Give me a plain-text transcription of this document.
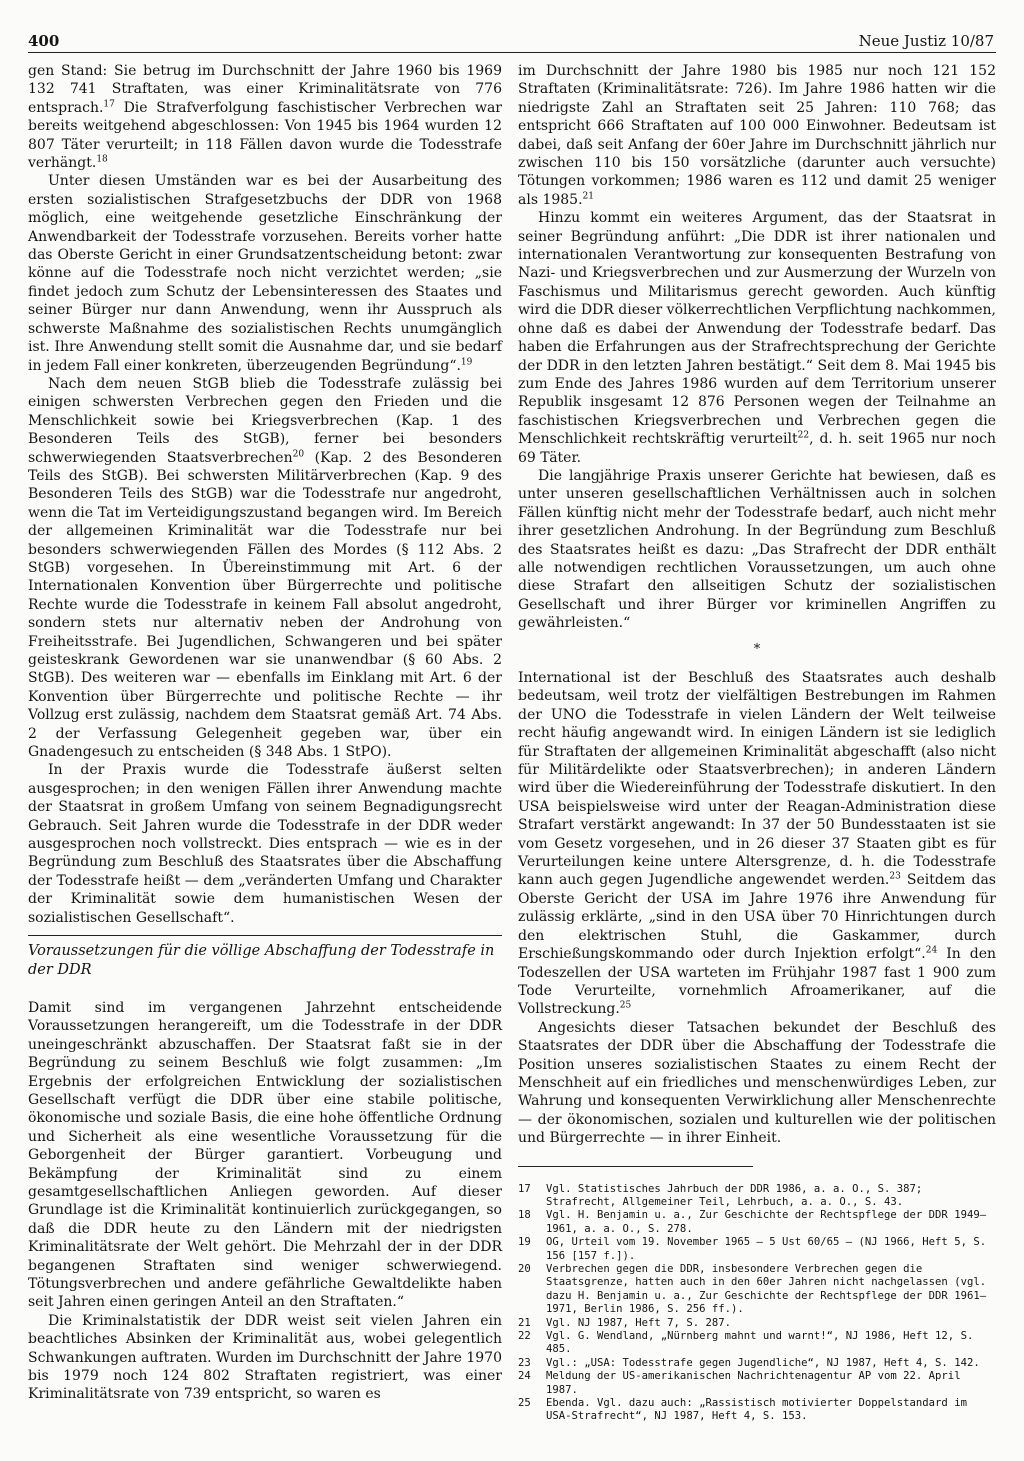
400	Neue Justiz 10/87

gen Stand: Sie betrug im Durchschnitt der Jahre 1960 bis 1969 132 741 Straftaten, was einer Kriminalitätsrate von 776 entsprach.$^{17}$ Die Strafverfolgung faschistischer Verbrechen war bereits weitgehend abgeschlossen: Von 1945 bis 1964 wurden 12 807 Täter verurteilt; in 118 Fällen davon wurde die Todesstrafe verhängt.$^{18}$

Unter diesen Umständen war es bei der Ausarbeitung des ersten sozialistischen Strafgesetzbuchs der DDR von 1968 möglich, eine weitgehende gesetzliche Einschränkung der Anwendbarkeit der Todesstrafe vorzusehen. Bereits vorher hatte das Oberste Gericht in einer Grundsatzentscheidung betont: zwar könne auf die Todesstrafe noch nicht verzichtet werden; „sie findet jedoch zum Schutz der Lebensinteressen des Staates und seiner Bürger nur dann Anwendung, wenn ihr Ausspruch als schwerste Maßnahme des sozialistischen Rechts unumgänglich ist. Ihre Anwendung stellt somit die Ausnahme dar, und sie bedarf in jedem Fall einer konkreten, überzeugenden Begründung“.$^{19}$

Nach dem neuen StGB blieb die Todesstrafe zulässig bei einigen schwersten Verbrechen gegen den Frieden und die Menschlichkeit sowie bei Kriegsverbrechen (Kap. 1 des Besonderen Teils des StGB), ferner bei besonders schwerwiegenden Staatsverbrechen$^{20}$ (Kap. 2 des Besonderen Teils des StGB). Bei schwersten Militärverbrechen (Kap. 9 des Besonderen Teils des StGB) war die Todesstrafe nur angedroht, wenn die Tat im Verteidigungszustand begangen wird. Im Bereich der allgemeinen Kriminalität war die Todesstrafe nur bei besonders schwerwiegenden Fällen des Mordes (§ 112 Abs. 2 StGB) vorgesehen. In Übereinstimmung mit Art. 6 der Internationalen Konvention über Bürgerrechte und politische Rechte wurde die Todesstrafe in keinem Fall absolut angedroht, sondern stets nur alternativ neben der Androhung von Freiheitsstrafe. Bei Jugendlichen, Schwangeren und bei später geisteskrank Gewordenen war sie unanwendbar (§ 60 Abs. 2 StGB). Des weiteren war — ebenfalls im Einklang mit Art. 6 der Konvention über Bürgerrechte und politische Rechte — ihr Vollzug erst zulässig, nachdem dem Staatsrat gemäß Art. 74 Abs. 2 der Verfassung Gelegenheit gegeben war, über ein Gnadengesuch zu entscheiden (§ 348 Abs. 1 StPO).

In der Praxis wurde die Todesstrafe äußerst selten ausgesprochen; in den wenigen Fällen ihrer Anwendung machte der Staatsrat in großem Umfang von seinem Begnadigungsrecht Gebrauch. Seit Jahren wurde die Todesstrafe in der DDR weder ausgesprochen noch vollstreckt. Dies entsprach — wie es in der Begründung zum Beschluß des Staatsrates über die Abschaffung der Todesstrafe heißt — dem „veränderten Umfang und Charakter der Kriminalität sowie dem humanistischen Wesen der sozialistischen Gesellschaft“.

Voraussetzungen für die völlige Abschaffung der Todesstrafe in der DDR

Damit sind im vergangenen Jahrzehnt entscheidende Voraussetzungen herangereift, um die Todesstrafe in der DDR uneingeschränkt abzuschaffen. Der Staatsrat faßt sie in der Begründung zu seinem Beschluß wie folgt zusammen: „Im Ergebnis der erfolgreichen Entwicklung der sozialistischen Gesellschaft verfügt die DDR über eine stabile politische, ökonomische und soziale Basis, die eine hohe öffentliche Ordnung und Sicherheit als eine wesentliche Voraussetzung für die Geborgenheit der Bürger garantiert. Vorbeugung und Bekämpfung der Kriminalität sind zu einem gesamtgesellschaftlichen Anliegen geworden. Auf dieser Grundlage ist die Kriminalität kontinuierlich zurückgegangen, so daß die DDR heute zu den Ländern mit der niedrigsten Kriminalitätsrate der Welt gehört. Die Mehrzahl der in der DDR begangenen Straftaten sind weniger schwerwiegend. Tötungsverbrechen und andere gefährliche Gewaltdelikte haben seit Jahren einen geringen Anteil an den Straftaten.“

Die Kriminalstatistik der DDR weist seit vielen Jahren ein beachtliches Absinken der Kriminalität aus, wobei gelegentlich Schwankungen auftraten. Wurden im Durchschnitt der Jahre 1970 bis 1979 noch 124 802 Straftaten registriert, was einer Kriminalitätsrate von 739 entspricht, so waren es

im Durchschnitt der Jahre 1980 bis 1985 nur noch 121 152 Straftaten (Kriminalitätsrate: 726). Im Jahre 1986 hatten wir die niedrigste Zahl an Straftaten seit 25 Jahren: 110 768; das entspricht 666 Straftaten auf 100 000 Einwohner. Bedeutsam ist dabei, daß seit Anfang der 60er Jahre im Durchschnitt jährlich nur zwischen 110 bis 150 vorsätzliche (darunter auch versuchte) Tötungen vorkommen; 1986 waren es 112 und damit 25 weniger als 1985.21

Hinzu kommt ein weiteres Argument, das der Staatsrat in seiner Begründung anführt: „Die DDR ist ihrer nationalen und internationalen Verantwortung zur konsequenten Bestrafung von Nazi- und Kriegsverbrechen und zur Ausmerzung der Wurzeln von Faschismus und Militarismus gerecht geworden. Auch künftig wird die DDR dieser völkerrechtlichen Verpflichtung nachkommen, ohne daß es dabei der Anwendung der Todesstrafe bedarf. Das haben die Erfahrungen aus der Strafrechtsprechung der Gerichte der DDR in den letzten Jahren bestätigt.“ Seit dem 8. Mai 1945 bis zum Ende des Jahres 1986 wurden auf dem Territorium unserer Republik insgesamt 12 876 Personen wegen der Teilnahme an faschistischen Kriegsverbrechen und Verbrechen gegen die Menschlichkeit rechtskräftig verurteilt$^{22}$, d. h. seit 1965 nur noch 69 Täter.

Die langjährige Praxis unserer Gerichte hat bewiesen, daß es unter unseren gesellschaftlichen Verhältnissen auch in solchen Fällen künftig nicht mehr der Todesstrafe bedarf, auch nicht mehr ihrer gesetzlichen Androhung. In der Begründung zum Beschluß des Staatsrates heißt es dazu: „Das Strafrecht der DDR enthält alle notwendigen rechtlichen Voraussetzungen, um auch ohne diese Strafart den allseitigen Schutz der sozialistischen Gesellschaft und ihrer Bürger vor kriminellen Angriffen zu gewährleisten.“

*

International ist der Beschluß des Staatsrates auch deshalb bedeutsam, weil trotz der vielfältigen Bestrebungen im Rahmen der UNO die Todesstrafe in vielen Ländern der Welt teilweise recht häufig angewandt wird. In einigen Ländern ist sie lediglich für Straftaten der allgemeinen Kriminalität abgeschafft (also nicht für Militärdelikte oder Staatsverbrechen); in anderen Ländern wird über die Wiedereinführung der Todesstrafe diskutiert. In den USA beispielsweise wird unter der Reagan-Administration diese Strafart verstärkt angewandt: In 37 der 50 Bundesstaaten ist sie vom Gesetz vorgesehen, und in 26 dieser 37 Staaten gibt es für Verurteilungen keine untere Altersgrenze, d. h. die Todesstrafe kann auch gegen Jugendliche angewendet werden.$^{23}$ Seitdem das Oberste Gericht der USA im Jahre 1976 ihre Anwendung für zulässig erklärte, „sind in den USA über 70 Hinrichtungen durch den elektrischen Stuhl, die Gaskammer, durch Erschießungskommando oder durch Injektion erfolgt“.$^{24}$ In den Todeszellen der USA warteten im Frühjahr 1987 fast 1 900 zum Tode Verurteilte, vornehmlich Afroamerikaner, auf die Vollstreckung.$^{25}$

Angesichts dieser Tatsachen bekundet der Beschluß des Staatsrates der DDR über die Abschaffung der Todesstrafe die Position unseres sozialistischen Staates zu einem Recht der Menschheit auf ein friedliches und menschenwürdiges Leben, zur Wahrung und konsequenten Verwirklichung aller Menschenrechte — der ökonomischen, sozialen und kulturellen wie der politischen und Bürgerrechte — in ihrer Einheit.

17	Vgl. Statistisches Jahrbuch der DDR 1986, a. a. O., S. 387; Strafrecht, Allgemeiner Teil, Lehrbuch, a. a. O., S. 43.
18	Vgl. H. Benjamin u. a., Zur Geschichte der Rechtspflege der DDR 1949—1961, a. a. O., S. 278.
19	OG, Urteil vom 19. November 1965 — 5 Ust 60/65 — (NJ 1966, Heft 5, S. 156 [157 f.]).
20	Verbrechen gegen die DDR, insbesondere Verbrechen gegen die Staatsgrenze, hatten auch in den 60er Jahren nicht nachgelassen (vgl. dazu H. Benjamin u. a., Zur Geschichte der Rechtspflege der DDR 1961—1971, Berlin 1986, S. 256 ff.).
21	Vgl. NJ 1987, Heft 7, S. 287.
22	Vgl. G. Wendland, „Nürnberg mahnt und warnt!“, NJ 1986, Heft 12, S. 485.
23	Vgl.: „USA: Todesstrafe gegen Jugendliche“, NJ 1987, Heft 4, S. 142.
24	Meldung der US-amerikanischen Nachrichtenagentur AP vom 22. April 1987.
25	Ebenda. Vgl. dazu auch: „Rassistisch motivierter Doppelstandard im USA-Strafrecht“, NJ 1987, Heft 4, S. 153.
